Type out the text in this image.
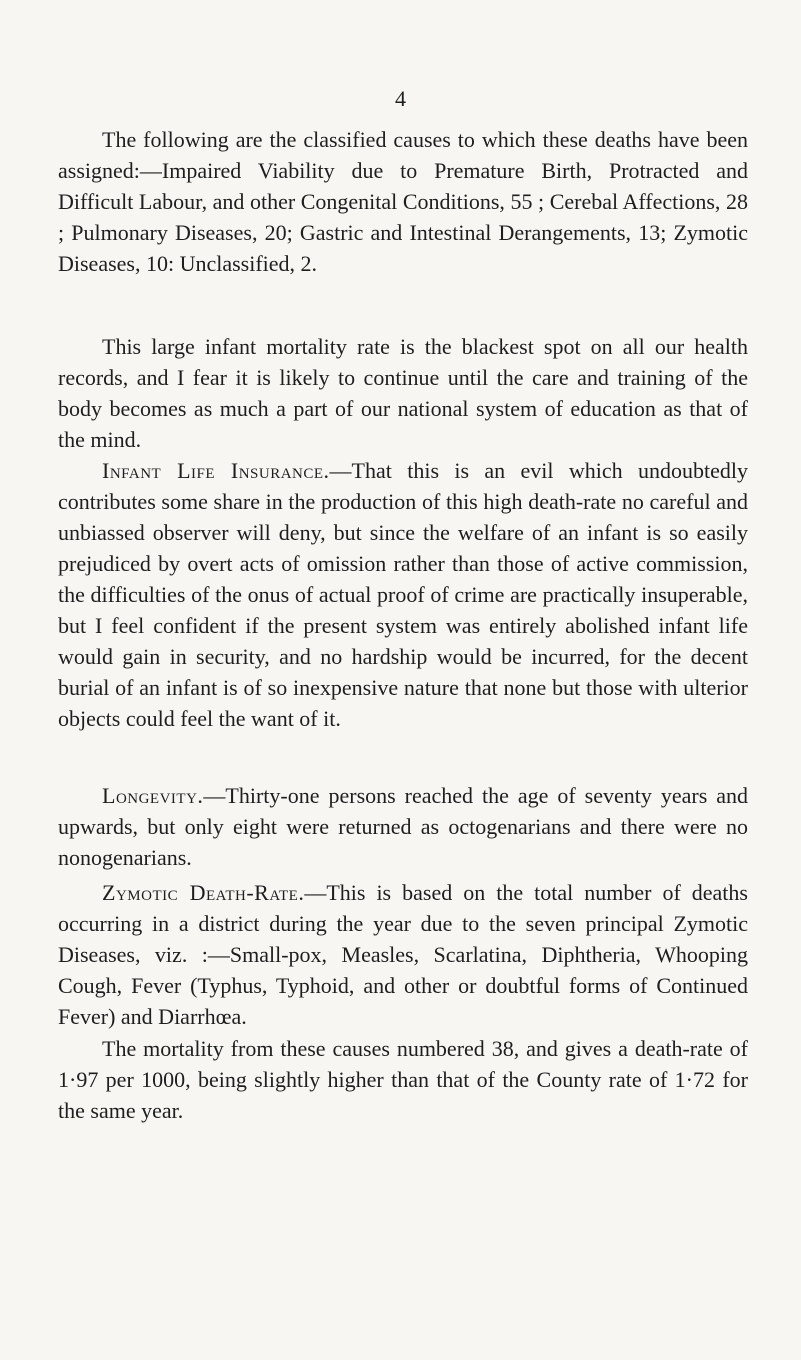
4

The following are the classified causes to which these deaths have been assigned:—Impaired Viability due to Premature Birth, Protracted and Difficult Labour, and other Congenital Conditions, 55 ; Cerebal Affections, 28 ; Pulmonary Diseases, 20; Gastric and Intestinal Derangements, 13; Zymotic Diseases, 10: Unclassified, 2.

This large infant mortality rate is the blackest spot on all our health records, and I fear it is likely to continue until the care and training of the body becomes as much a part of our national system of education as that of the mind.

Infant Life Insurance.—That this is an evil which undoubtedly contributes some share in the production of this high death-rate no careful and unbiassed observer will deny, but since the welfare of an infant is so easily prejudiced by overt acts of omission rather than those of active commission, the difficulties of the onus of actual proof of crime are practically insuperable, but I feel confident if the present system was entirely abolished infant life would gain in security, and no hardship would be incurred, for the decent burial of an infant is of so inexpensive nature that none but those with ulterior objects could feel the want of it.

Longevity.—Thirty-one persons reached the age of seventy years and upwards, but only eight were returned as octogenarians and there were no nonogenarians.

Zymotic Death-Rate.—This is based on the total number of deaths occurring in a district during the year due to the seven principal Zymotic Diseases, viz. :—Small-pox, Measles, Scarlatina, Diphtheria, Whooping Cough, Fever (Typhus, Typhoid, and other or doubtful forms of Continued Fever) and Diarrhœa.

The mortality from these causes numbered 38, and gives a death-rate of 1·97 per 1000, being slightly higher than that of the County rate of 1·72 for the same year.
